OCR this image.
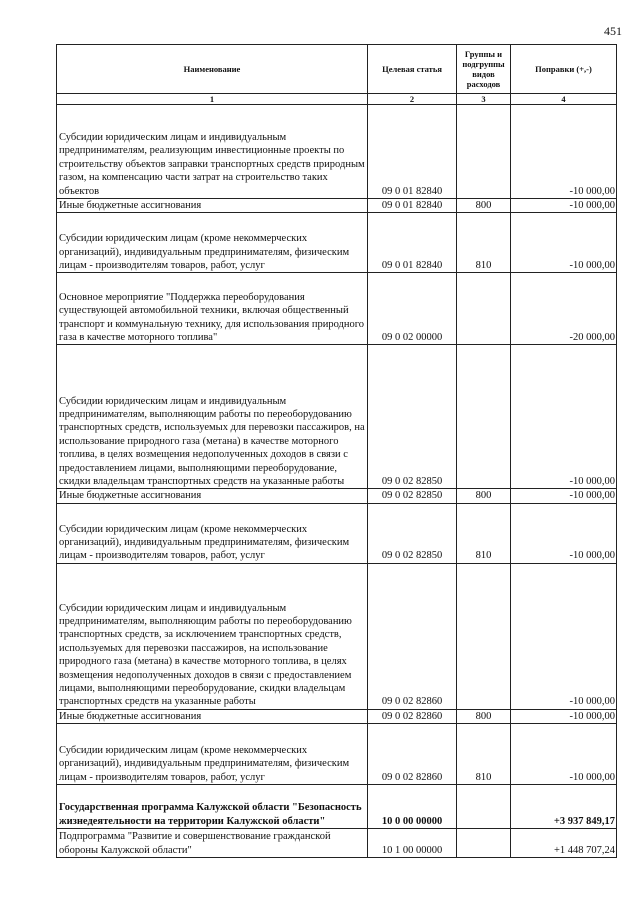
451
Наименование	Целевая статья	Группы и подгруппы видов расходов	Поправки (+,-)
1	2	3	4
Субсидии юридическим лицам и индивидуальным предпринимателям, реализующим инвестиционные проекты по строительству объектов заправки транспортных средств природным газом, на компенсацию части затрат на строительство таких объектов	09 0 01 82840		-10 000,00
Иные бюджетные ассигнования	09 0 01 82840	800	-10 000,00
Субсидии юридическим лицам (кроме некоммерческих организаций), индивидуальным предпринимателям, физическим лицам - производителям товаров, работ, услуг	09 0 01 82840	810	-10 000,00
Основное мероприятие "Поддержка переоборудования существующей автомобильной техники, включая общественный транспорт и коммунальную технику, для использования природного газа в качестве моторного топлива"	09 0 02 00000		-20 000,00
Субсидии юридическим лицам и индивидуальным предпринимателям, выполняющим работы по переоборудованию транспортных средств, используемых для перевозки пассажиров, на использование природного газа (метана) в качестве моторного топлива, в целях возмещения недополученных доходов в связи с предоставлением лицами, выполняющими переоборудование, скидки владельцам транспортных средств на указанные работы	09 0 02 82850		-10 000,00
Иные бюджетные ассигнования	09 0 02 82850	800	-10 000,00
Субсидии юридическим лицам (кроме некоммерческих организаций), индивидуальным предпринимателям, физическим лицам - производителям товаров, работ, услуг	09 0 02 82850	810	-10 000,00
Субсидии юридическим лицам и индивидуальным предпринимателям, выполняющим работы по переоборудованию транспортных средств, за исключением транспортных средств, используемых для перевозки пассажиров, на использование природного газа (метана) в качестве моторного топлива, в целях возмещения недополученных доходов в связи с предоставлением лицами, выполняющими переоборудование, скидки владельцам транспортных средств на указанные работы	09 0 02 82860		-10 000,00
Иные бюджетные ассигнования	09 0 02 82860	800	-10 000,00
Субсидии юридическим лицам (кроме некоммерческих организаций), индивидуальным предпринимателям, физическим лицам - производителям товаров, работ, услуг	09 0 02 82860	810	-10 000,00
Государственная программа Калужской области "Безопасность жизнедеятельности на территории Калужской области"	10 0 00 00000		+3 937 849,17
Подпрограмма "Развитие и совершенствование гражданской обороны Калужской области"	10 1 00 00000		+1 448 707,24
